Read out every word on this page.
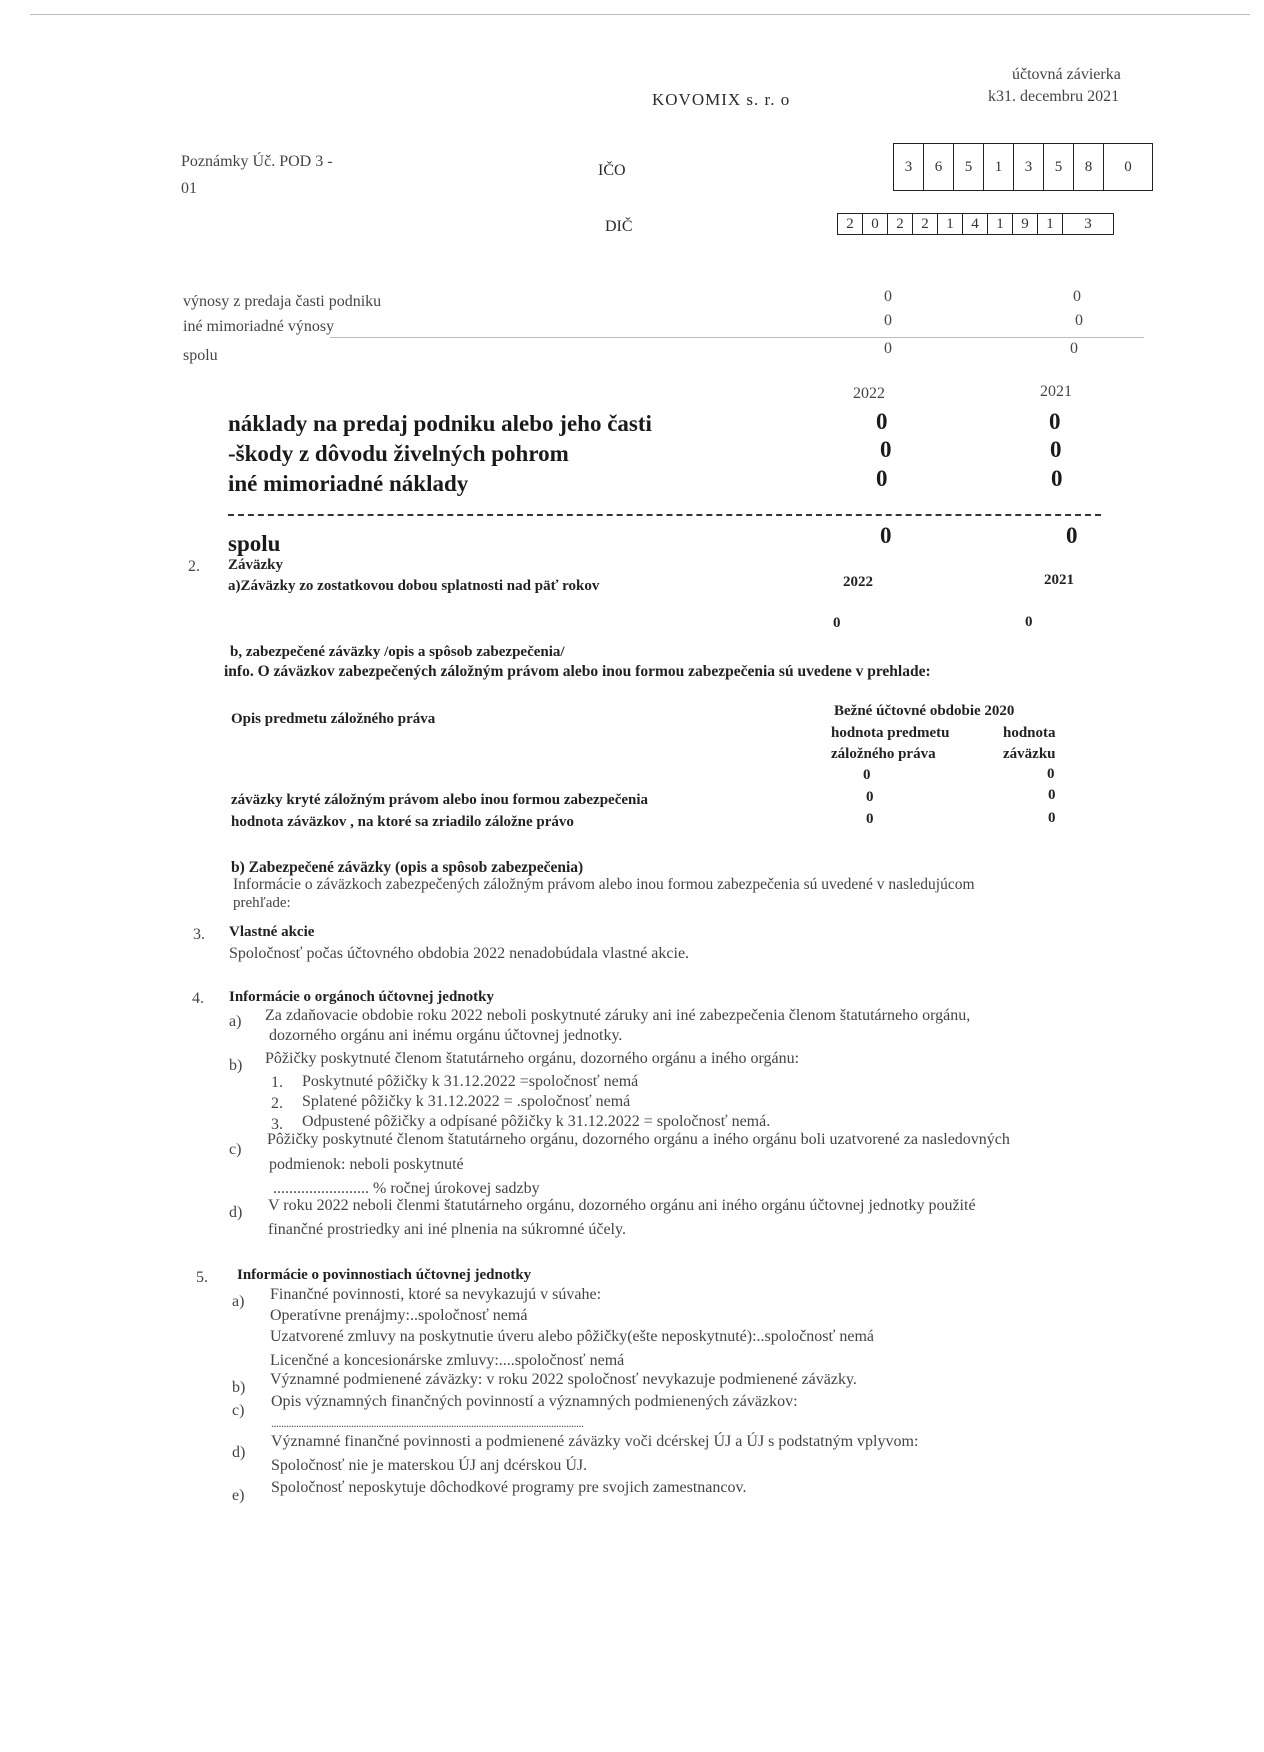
KOVOMIX s. r. o
účtovná závierka
k31. decembru 2021
Poznámky Úč. POD 3 -
01
IČO	3	6	5	1	3	5	8	0
DIČ	2	0	2	2	1	4	1	9	1	3
výnosy z predaja časti podniku	0	0
iné mimoriadné výnosy	0	0
spolu	0	0
2022	2021
náklady na predaj podniku alebo jeho časti	0	0
-škody z dôvodu živelných pohrom	0	0
iné mimoriadné náklady	0	0
spolu	0	0
2. Záväzky
a)Záväzky zo zostatkovou dobou splatnosti nad päť rokov	2022	2021
0	0
b, zabezpečené záväzky /opis a spôsob zabezpečenia/
info. O záväzkov zabezpečených záložným právom alebo inou formou zabezpečenia sú uvedene v prehlade:
Opis predmetu záložného práva	Bežné účtovné obdobie 2020
hodnota predmetu	hodnota
záložného práva	záväzku
0	0
záväzky kryté záložným právom alebo inou formou zabezpečenia	0	0
hodnota záväzkov , na ktoré sa zriadilo záložne právo	0	0
b) Zabezpečené záväzky (opis a spôsob zabezpečenia)
Informácie o záväzkoch zabezpečených záložným právom alebo inou formou zabezpečenia sú uvedené v nasledujúcom
prehľade:
3. Vlastné akcie
Spoločnosť počas účtovného obdobia 2022 nenadobúdala vlastné akcie.
4. Informácie o orgánoch účtovnej jednotky
a) Za zdaňovacie obdobie roku 2022 neboli poskytnuté záruky ani iné zabezpečenia členom štatutárneho orgánu,
dozorného orgánu ani inému orgánu účtovnej jednotky.
b) Pôžičky poskytnuté členom štatutárneho orgánu, dozorného orgánu a iného orgánu:
1. Poskytnuté pôžičky k 31.12.2022 =spoločnosť nemá
2. Splatené pôžičky k 31.12.2022 = .spoločnosť nemá
3. Odpustené pôžičky a odpísané pôžičky k 31.12.2022 = spoločnosť nemá.
c)
Pôžičky poskytnuté členom štatutárneho orgánu, dozorného orgánu a iného orgánu boli uzatvorené za nasledovných
podmienok: neboli poskytnuté
........................ % ročnej úrokovej sadzby
d) V roku 2022 neboli členmi štatutárneho orgánu, dozorného orgánu ani iného orgánu účtovnej jednotky použité
finančné prostriedky ani iné plnenia na súkromné účely.
5. Informácie o povinnostiach účtovnej jednotky
a) Finančné povinnosti, ktoré sa nevykazujú v súvahe:
Operatívne prenájmy:..spoločnosť nemá
Uzatvorené zmluvy na poskytnutie úveru alebo pôžičky(ešte neposkytnuté):..spoločnosť nemá
Licenčné a koncesionárske zmluvy:....spoločnosť nemá
b) Významné podmienené záväzky: v roku 2022 spoločnosť nevykazuje podmienené záväzky.
c)
Opis významných finančných povinností a významných podmienených záväzkov:
.............................................................................................................................
d)
Významné finančné povinnosti a podmienené záväzky voči dcérskej ÚJ a ÚJ s podstatným vplyvom:
Spoločnosť nie je materskou ÚJ anj dcérskou ÚJ.
e) Spoločnosť neposkytuje dôchodkové programy pre svojich zamestnancov.
